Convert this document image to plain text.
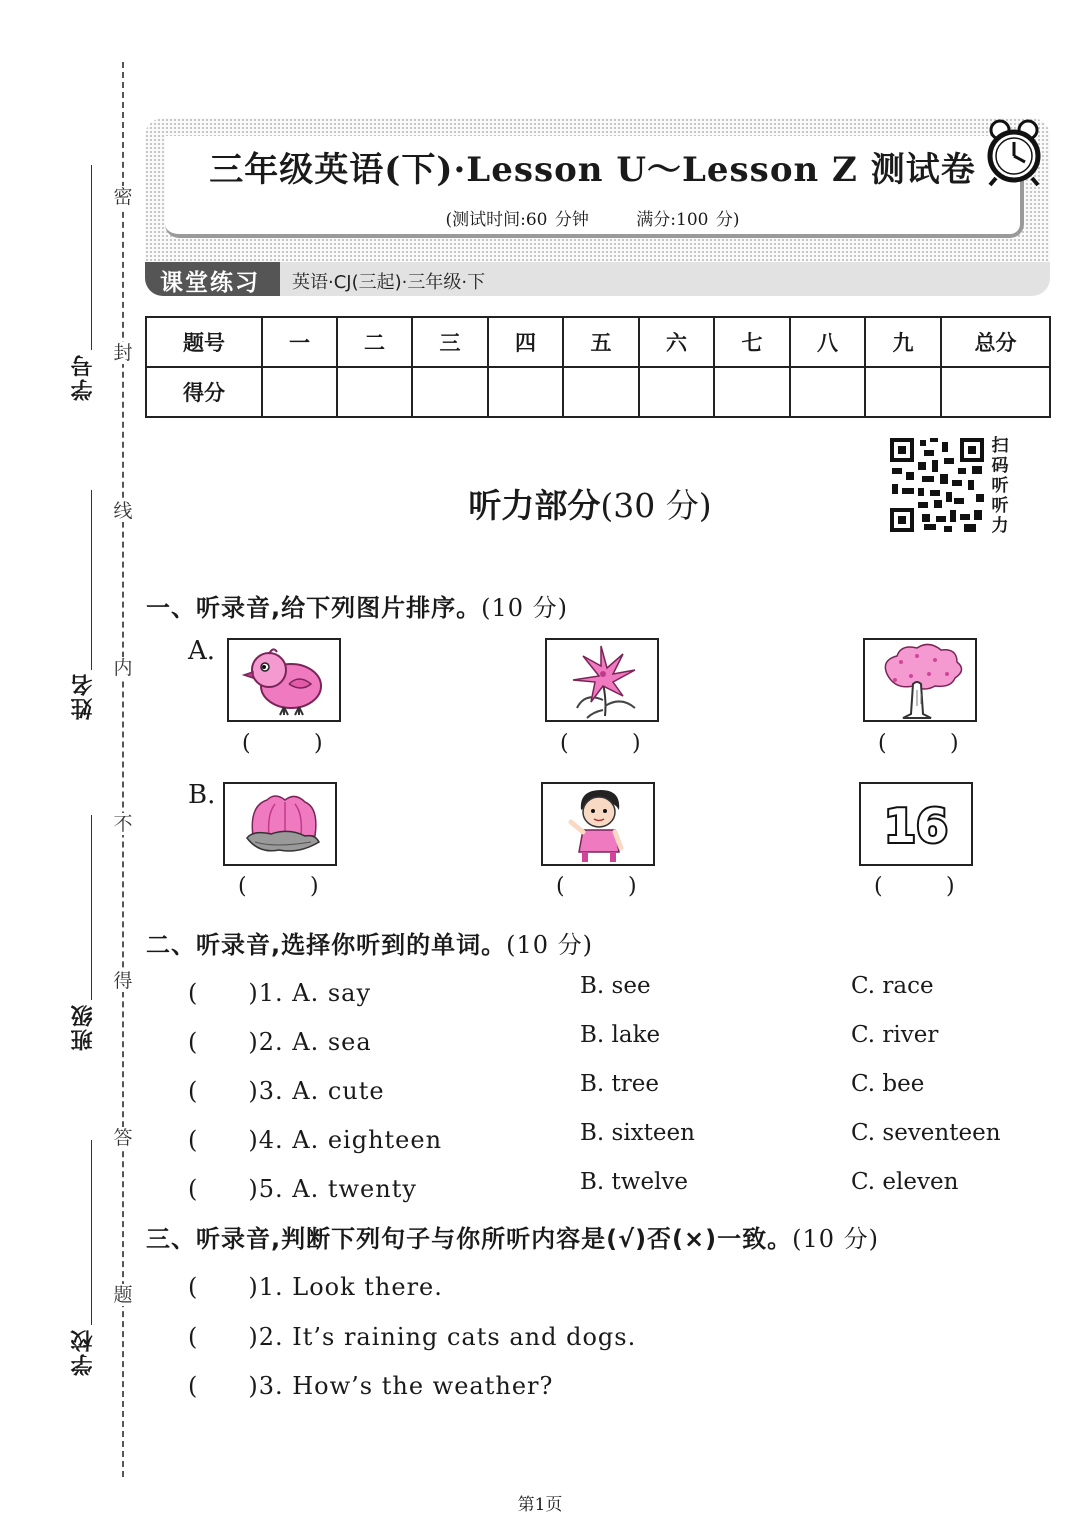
密
封
线
内
不
得
答
题
学号
姓名
班级
学校
三年级英语(下)·Lesson U～Lesson Z 测试卷
(测试时间:60 分钟	满分:100 分)
课堂练习	英语·CJ(三起)·三年级·下
题号	一	二	三	四	五	六	七	八	九	总分
得分										
听力部分(30 分)
扫
码
听
听
力
一、听录音,给下列图片排序。(10 分)
A.
B.
(	)	(	)	(	)
16
(	)	(	)	(	)
二、听录音,选择你听到的单词。(10 分)
(　　)1. A. say	B. see	C. race
(　　)2. A. sea	B. lake	C. river
(　　)3. A. cute	B. tree	C. bee
(　　)4. A. eighteen	B. sixteen	C. seventeen
(　　)5. A. twenty	B. twelve	C. eleven
三、听录音,判断下列句子与你所听内容是(√)否(×)一致。(10 分)
(　　)1. Look there.
(　　)2. It’s raining cats and dogs.
(　　)3. How’s the weather?
第1页
